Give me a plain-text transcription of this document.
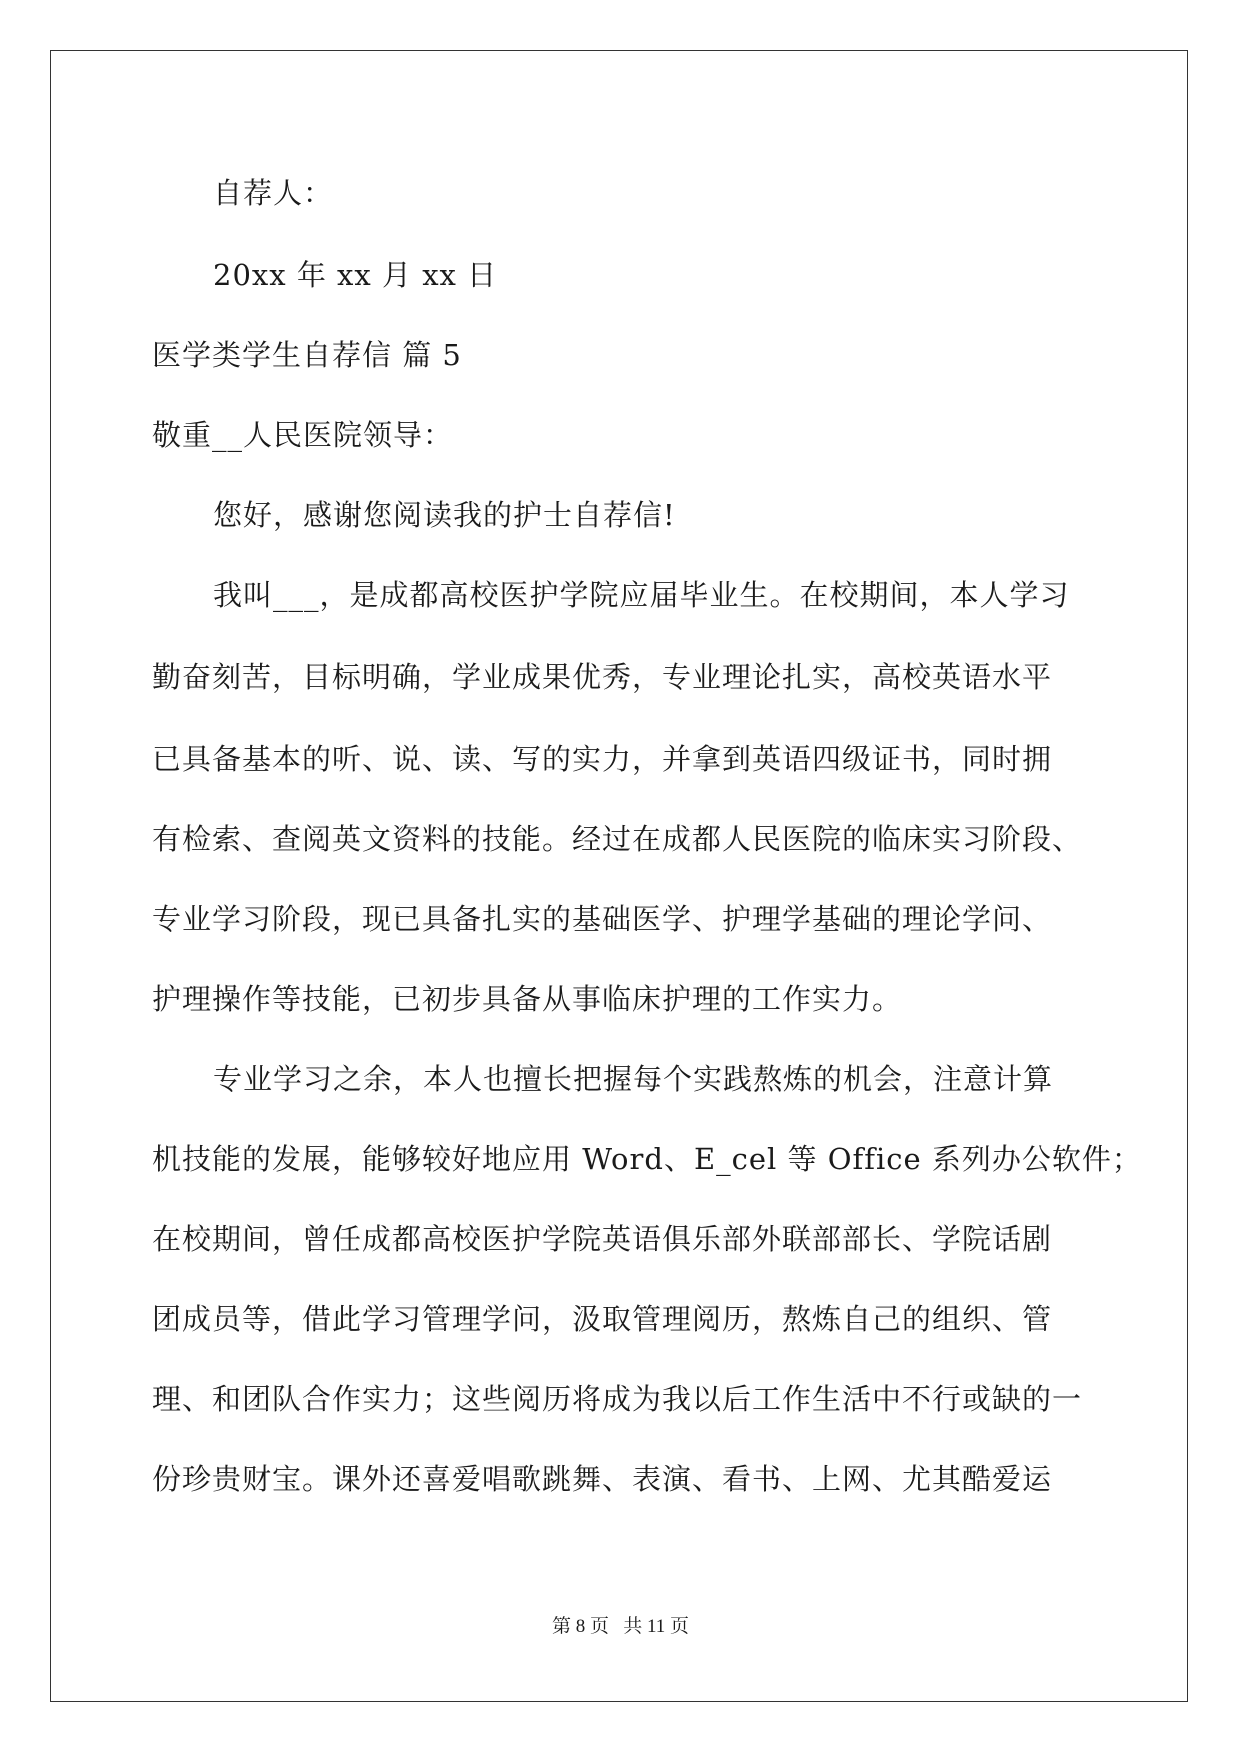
自荐人：
20xx 年 xx 月 xx 日
医学类学生自荐信 篇 5
敬重__人民医院领导：
您好，感谢您阅读我的护士自荐信!
我叫___，是成都高校医护学院应届毕业生。在校期间，本人学习
勤奋刻苦，目标明确，学业成果优秀，专业理论扎实，高校英语水平
已具备基本的听、说、读、写的实力，并拿到英语四级证书，同时拥
有检索、查阅英文资料的技能。经过在成都人民医院的临床实习阶段、
专业学习阶段，现已具备扎实的基础医学、护理学基础的理论学问、
护理操作等技能，已初步具备从事临床护理的工作实力。
专业学习之余，本人也擅长把握每个实践熬炼的机会，注意计算
机技能的发展，能够较好地应用 Word、E_cel 等 Office 系列办公软件；
在校期间，曾任成都高校医护学院英语俱乐部外联部部长、学院话剧
团成员等，借此学习管理学问，汲取管理阅历，熬炼自己的组织、管
理、和团队合作实力；这些阅历将成为我以后工作生活中不行或缺的一
份珍贵财宝。课外还喜爱唱歌跳舞、表演、看书、上网、尤其酷爱运
第 8 页   共 11 页
